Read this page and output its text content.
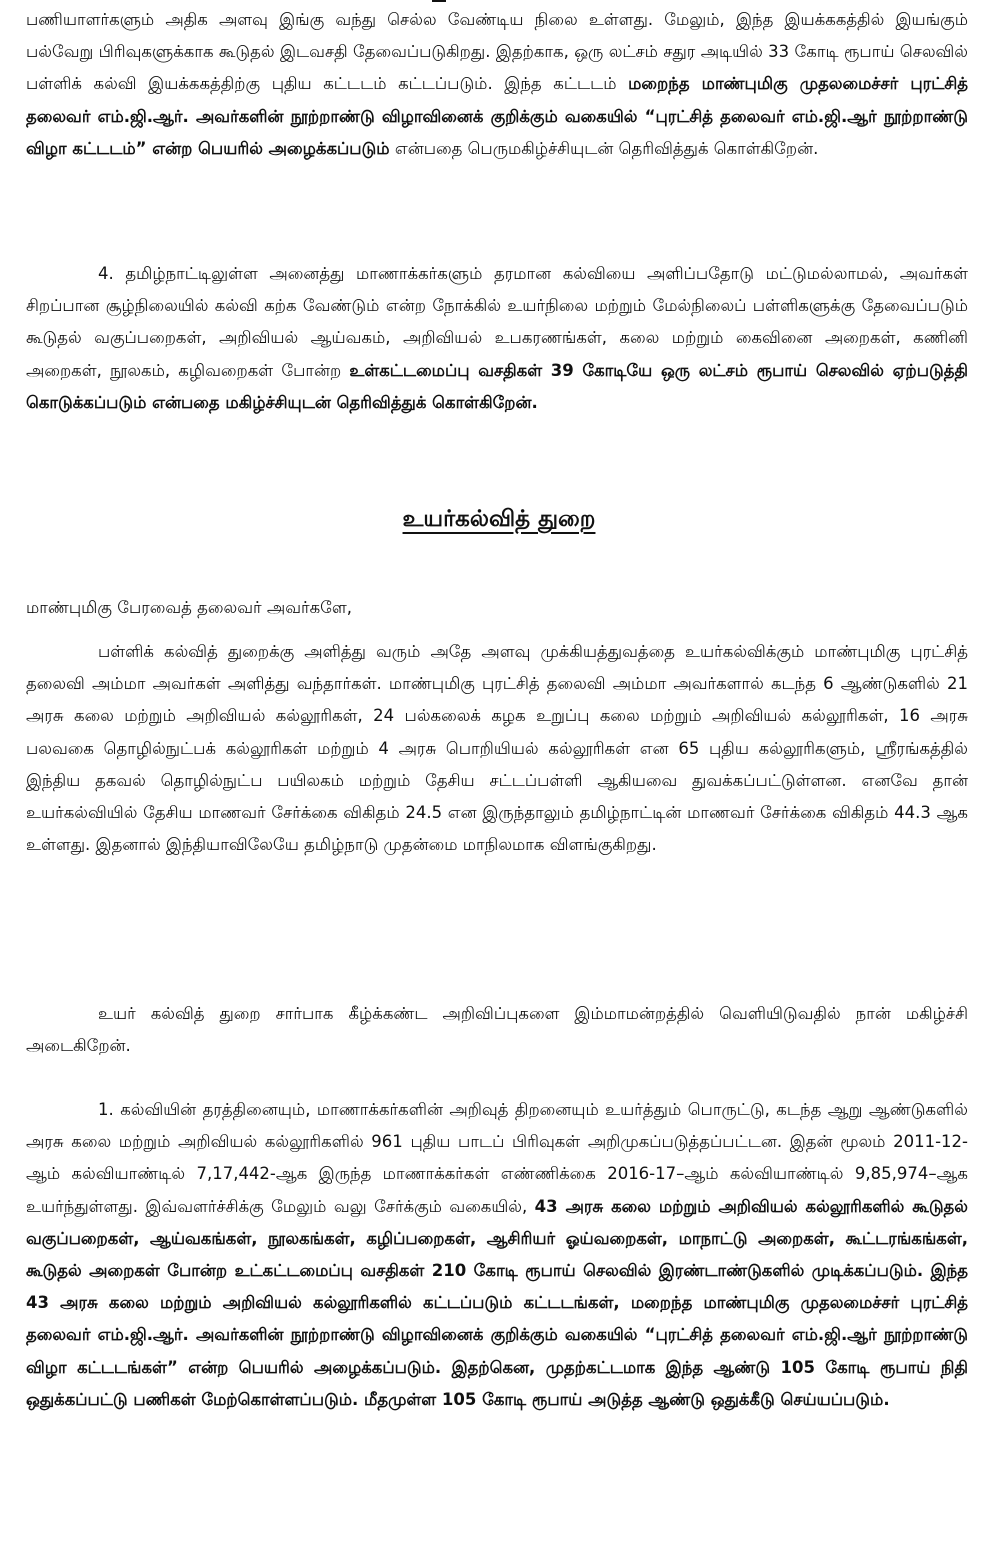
பணியாளர்களும் அதிக அளவு இங்கு வந்து செல்ல வேண்டிய நிலை உள்ளது. மேலும், இந்த இயக்ககத்தில் இயங்கும் பல்வேறு பிரிவுகளுக்காக கூடுதல் இடவசதி தேவைப்படுகிறது. இதற்காக, ஒரு லட்சம் சதுர அடியில் 33 கோடி ரூபாய் செலவில் பள்ளிக் கல்வி இயக்ககத்திற்கு புதிய கட்டடம் கட்டப்படும். இந்த கட்டடம் மறைந்த மாண்புமிகு முதலமைச்சர் புரட்சித் தலைவர் எம்.ஜி.ஆர். அவர்களின் நூற்றாண்டு விழாவினைக் குறிக்கும் வகையில் “புரட்சித் தலைவர் எம்.ஜி.ஆர் நூற்றாண்டு விழா கட்டடம்” என்ற பெயரில் அழைக்கப்படும் என்பதை பெருமகிழ்ச்சியுடன் தெரிவித்துக் கொள்கிறேன்.

4. தமிழ்நாட்டிலுள்ள அனைத்து மாணாக்கர்களும் தரமான கல்வியை அளிப்பதோடு மட்டுமல்லாமல், அவர்கள் சிறப்பான சூழ்நிலையில் கல்வி கற்க வேண்டும் என்ற நோக்கில் உயர்நிலை மற்றும் மேல்நிலைப் பள்ளிகளுக்கு தேவைப்படும் கூடுதல் வகுப்பறைகள், அறிவியல் ஆய்வகம், அறிவியல் உபகரணங்கள், கலை மற்றும் கைவினை அறைகள், கணினி அறைகள், நூலகம், கழிவறைகள் போன்ற உள்கட்டமைப்பு வசதிகள் 39 கோடியே ஒரு லட்சம் ரூபாய் செலவில் ஏற்படுத்தி கொடுக்கப்படும் என்பதை மகிழ்ச்சியுடன் தெரிவித்துக் கொள்கிறேன்.

உயர்கல்வித் துறை

மாண்புமிகு பேரவைத் தலைவர் அவர்களே,

பள்ளிக் கல்வித் துறைக்கு அளித்து வரும் அதே அளவு முக்கியத்துவத்தை உயர்கல்விக்கும் மாண்புமிகு புரட்சித் தலைவி அம்மா அவர்கள் அளித்து வந்தார்கள். மாண்புமிகு புரட்சித் தலைவி அம்மா அவர்களால் கடந்த 6 ஆண்டுகளில் 21 அரசு கலை மற்றும் அறிவியல் கல்லூரிகள், 24 பல்கலைக் கழக உறுப்பு கலை மற்றும் அறிவியல் கல்லூரிகள், 16 அரசு பலவகை தொழில்நுட்பக் கல்லூரிகள் மற்றும் 4 அரசு பொறியியல் கல்லூரிகள் என 65 புதிய கல்லூரிகளும், ஸ்ரீரங்கத்தில் இந்திய தகவல் தொழில்நுட்ப பயிலகம் மற்றும் தேசிய சட்டப்பள்ளி ஆகியவை துவக்கப்பட்டுள்ளன. எனவே தான் உயர்கல்வியில் தேசிய மாணவர் சேர்க்கை விகிதம் 24.5 என இருந்தாலும் தமிழ்நாட்டின் மாணவர் சேர்க்கை விகிதம் 44.3 ஆக உள்ளது. இதனால் இந்தியாவிலேயே தமிழ்நாடு முதன்மை மாநிலமாக விளங்குகிறது.

உயர் கல்வித் துறை சார்பாக கீழ்க்கண்ட அறிவிப்புகளை இம்மாமன்றத்தில் வெளியிடுவதில் நான் மகிழ்ச்சி அடைகிறேன்.

1. கல்வியின் தரத்தினையும், மாணாக்கர்களின் அறிவுத் திறனையும் உயர்த்தும் பொருட்டு, கடந்த ஆறு ஆண்டுகளில் அரசு கலை மற்றும் அறிவியல் கல்லூரிகளில் 961 புதிய பாடப் பிரிவுகள் அறிமுகப்படுத்தப்பட்டன. இதன் மூலம் 2011-12-ஆம் கல்வியாண்டில் 7,17,442-ஆக இருந்த மாணாக்கர்கள் எண்ணிக்கை 2016-17–ஆம் கல்வியாண்டில் 9,85,974–ஆக உயர்ந்துள்ளது. இவ்வளர்ச்சிக்கு மேலும் வலு சேர்க்கும் வகையில், 43 அரசு கலை மற்றும் அறிவியல் கல்லூரிகளில் கூடுதல் வகுப்பறைகள், ஆய்வகங்கள், நூலகங்கள், கழிப்பறைகள், ஆசிரியர் ஓய்வறைகள், மாநாட்டு அறைகள், கூட்டரங்கங்கள், கூடுதல் அறைகள் போன்ற உட்கட்டமைப்பு வசதிகள் 210 கோடி ரூபாய் செலவில் இரண்டாண்டுகளில் முடிக்கப்படும். இந்த 43 அரசு கலை மற்றும் அறிவியல் கல்லூரிகளில் கட்டப்படும் கட்டடங்கள், மறைந்த மாண்புமிகு முதலமைச்சர் புரட்சித் தலைவர் எம்.ஜி.ஆர். அவர்களின் நூற்றாண்டு விழாவினைக் குறிக்கும் வகையில் “புரட்சித் தலைவர் எம்.ஜி.ஆர் நூற்றாண்டு விழா கட்டடங்கள்” என்ற பெயரில் அழைக்கப்படும். இதற்கென, முதற்கட்டமாக இந்த ஆண்டு 105 கோடி ரூபாய் நிதி ஒதுக்கப்பட்டு பணிகள் மேற்கொள்ளப்படும். மீதமுள்ள 105 கோடி ரூபாய் அடுத்த ஆண்டு ஒதுக்கீடு செய்யப்படும்.
